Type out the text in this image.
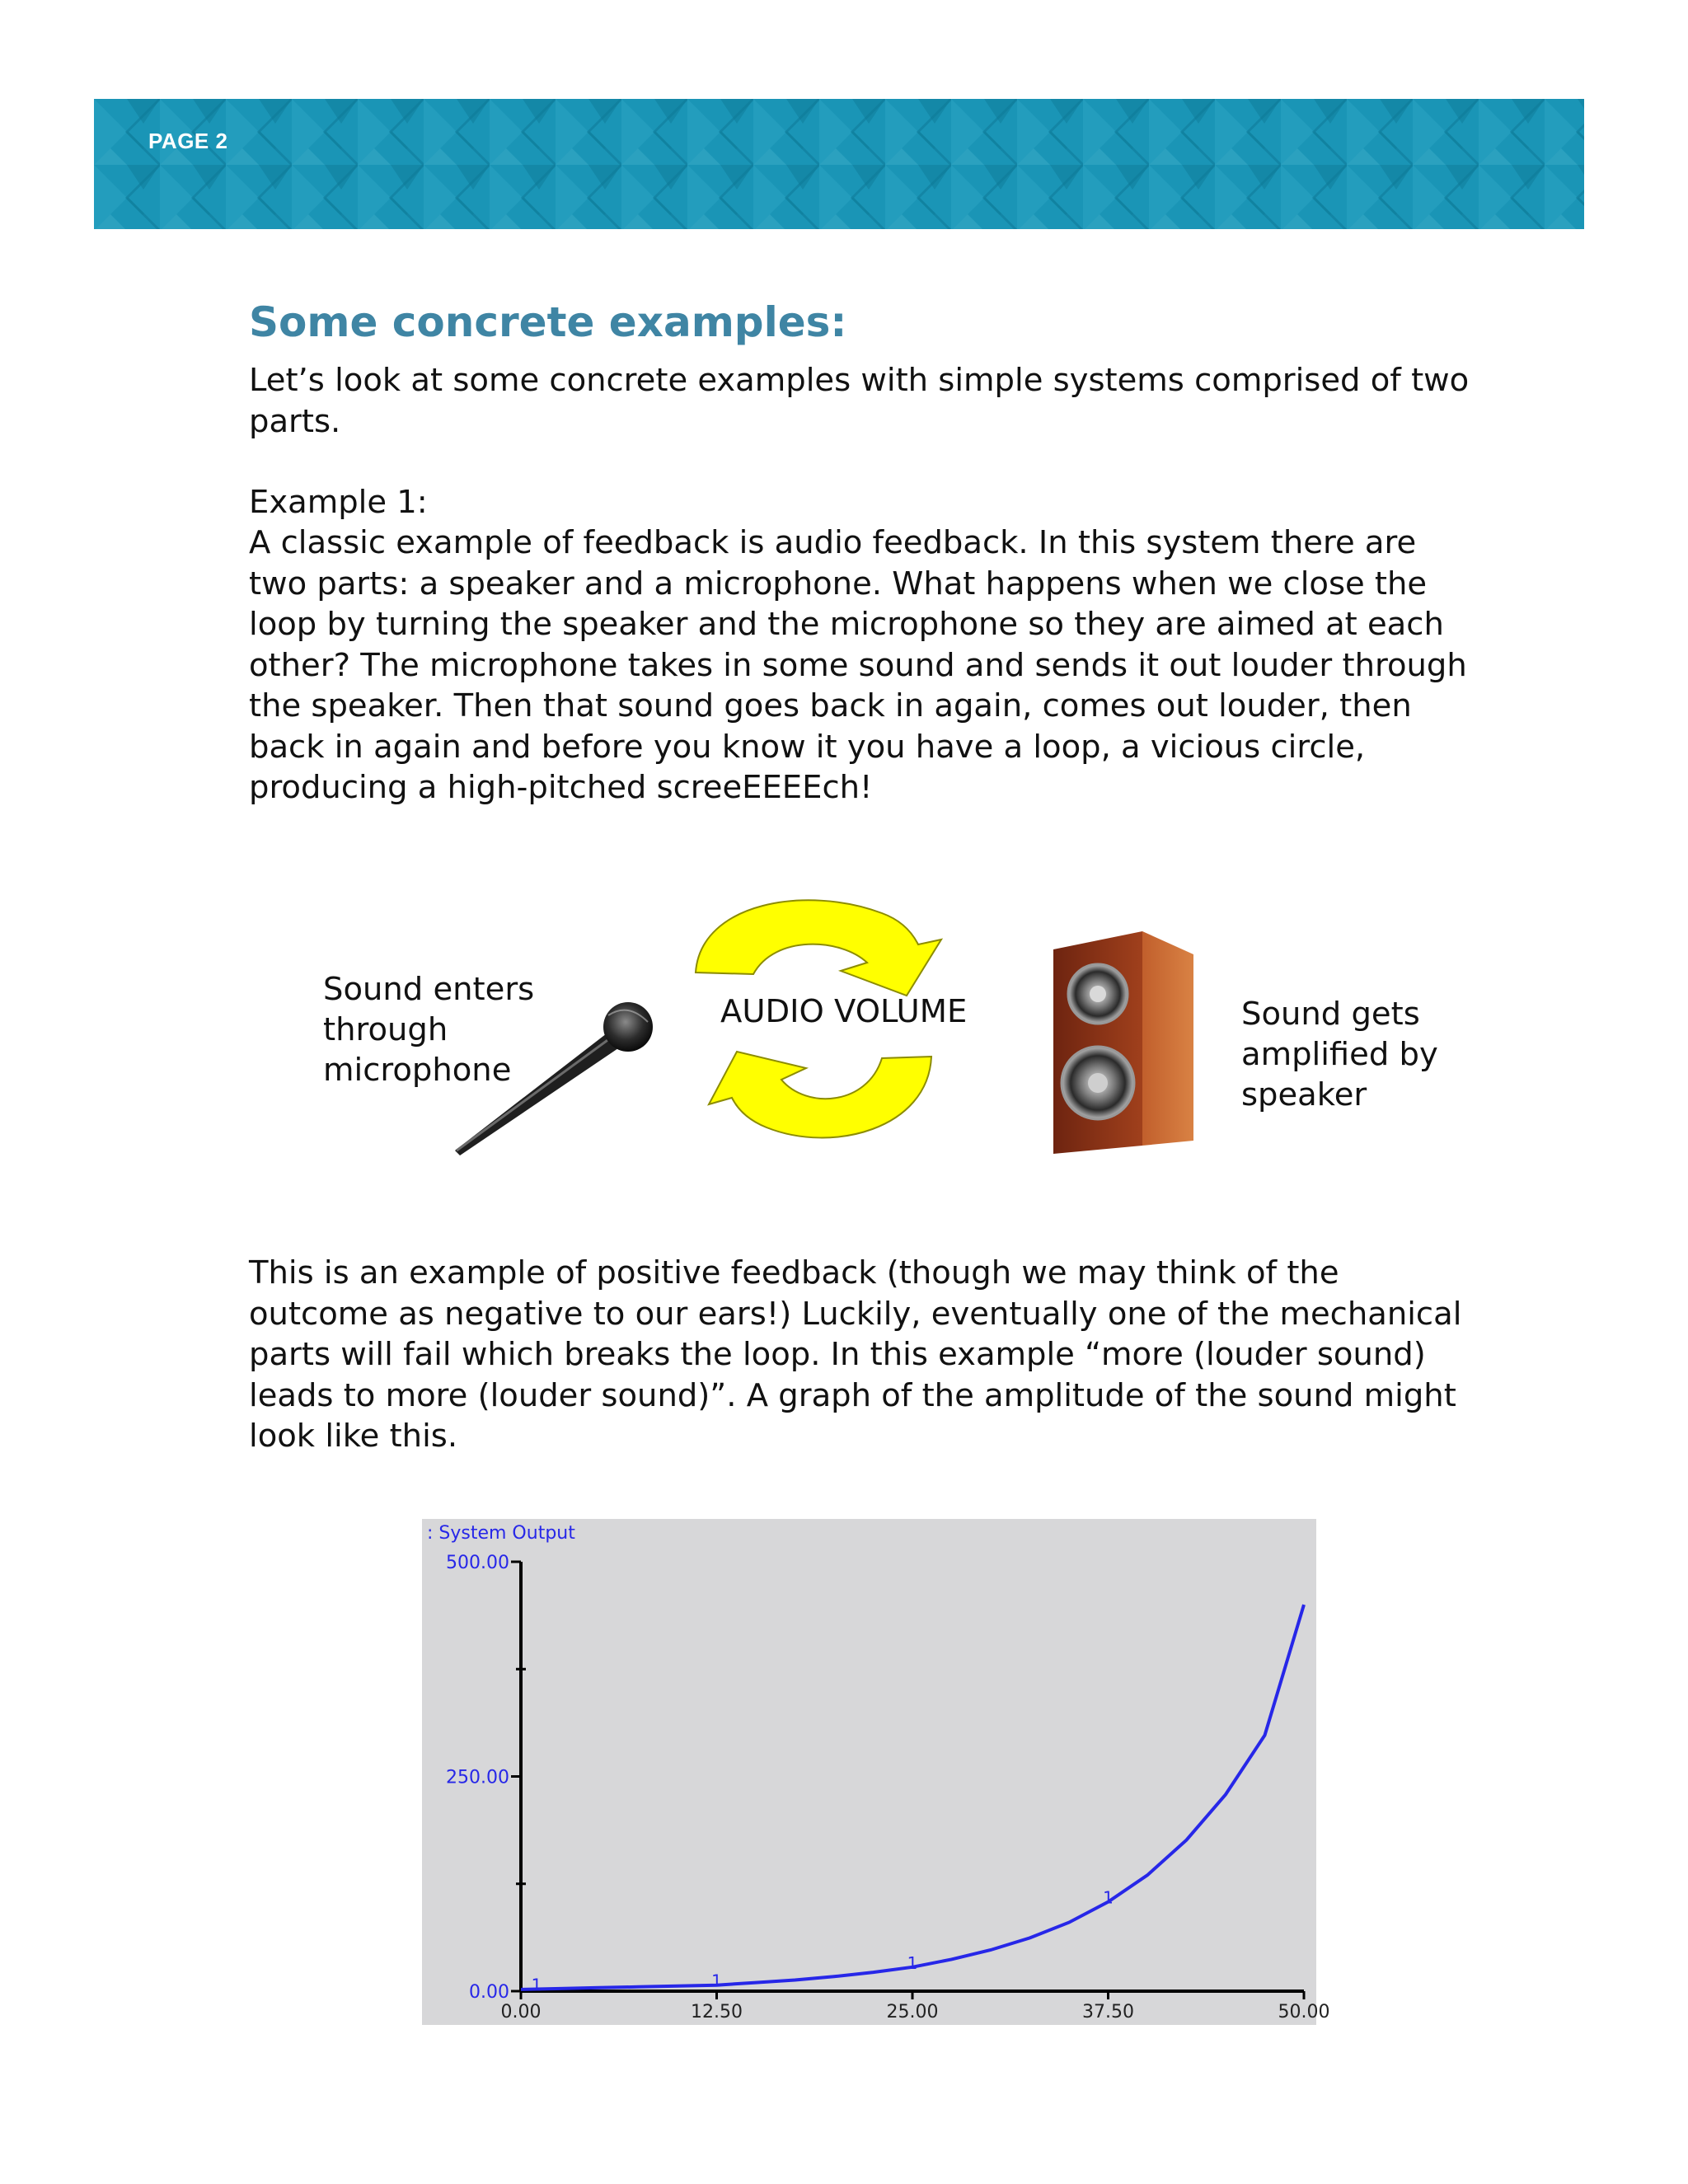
PAGE 2
Some concrete examples:

Let’s look at some concrete examples with simple systems comprised of two
parts.

Example 1:

A classic example of feedback is audio feedback. In this system there are
two parts: a speaker and a microphone. What happens when we close the
loop by turning the speaker and the microphone so they are aimed at each
other? The microphone takes in some sound and sends it out louder through
the speaker. Then that sound goes back in again, comes out louder, then
back in again and before you know it you have a loop, a vicious circle,
producing a high-pitched screeEEEEch!

Sound enters
through
microphone
AUDIO VOLUME	Sound gets
amplified by
speaker

This is an example of positive feedback (though we may think of the
outcome as negative to our ears!) Luckily, eventually one of the mechanical
parts will fail which breaks the loop. In this example “more (louder sound)
leads to more (louder sound)”. A graph of the amplitude of the sound might
look like this.

: System Output
0.00
250.00
500.00
0.00	12.50	25.00	37.50	50.00
1	1
1
1
